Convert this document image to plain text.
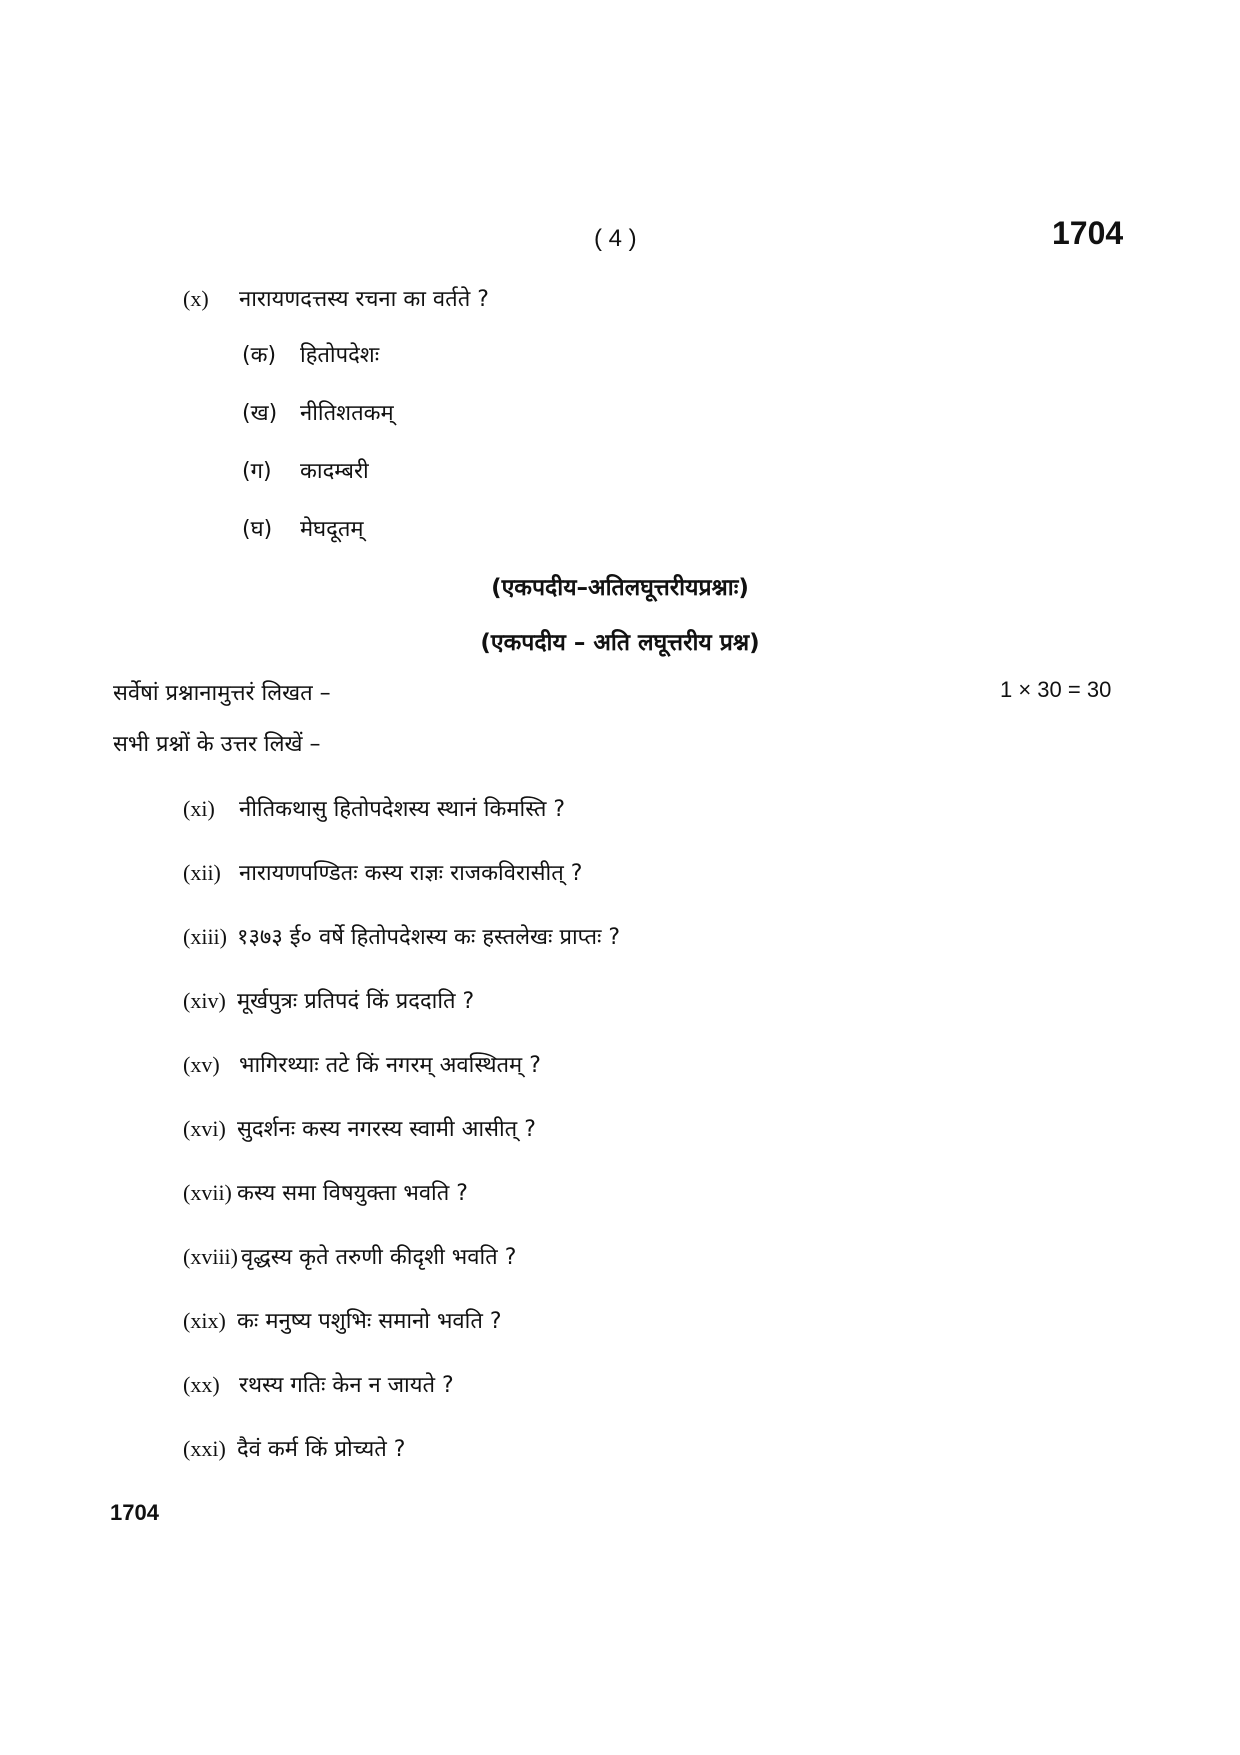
( 4 )	1704
(x) नारायणदत्तस्य रचना का वर्तते ?
(क) हितोपदेशः
(ख) नीतिशतकम्
(ग) कादम्बरी
(घ) मेघदूतम्
(एकपदीय–अतिलघूत्तरीयप्रश्नाः)
(एकपदीय – अति लघूत्तरीय प्रश्न)
सर्वेषां प्रश्नानामुत्तरं लिखत –	1 × 30 = 30
सभी प्रश्नों के उत्तर लिखें –
(xi) नीतिकथासु हितोपदेशस्य स्थानं किमस्ति ?
(xii) नारायणपण्डितः कस्य राज्ञः राजकविरासीत् ?
(xiii) १३७३ ई० वर्षे हितोपदेशस्य कः हस्तलेखः प्राप्तः ?
(xiv) मूर्खपुत्रः प्रतिपदं किं प्रददाति ?
(xv) भागिरथ्याः तटे किं नगरम् अवस्थितम् ?
(xvi) सुदर्शनः कस्य नगरस्य स्वामी आसीत् ?
(xvii) कस्य समा विषयुक्ता भवति ?
(xviii) वृद्धस्य कृते तरुणी कीदृशी भवति ?
(xix) कः मनुष्य पशुभिः समानो भवति ?
(xx) रथस्य गतिः केन न जायते ?
(xxi) दैवं कर्म किं प्रोच्यते ?
1704
